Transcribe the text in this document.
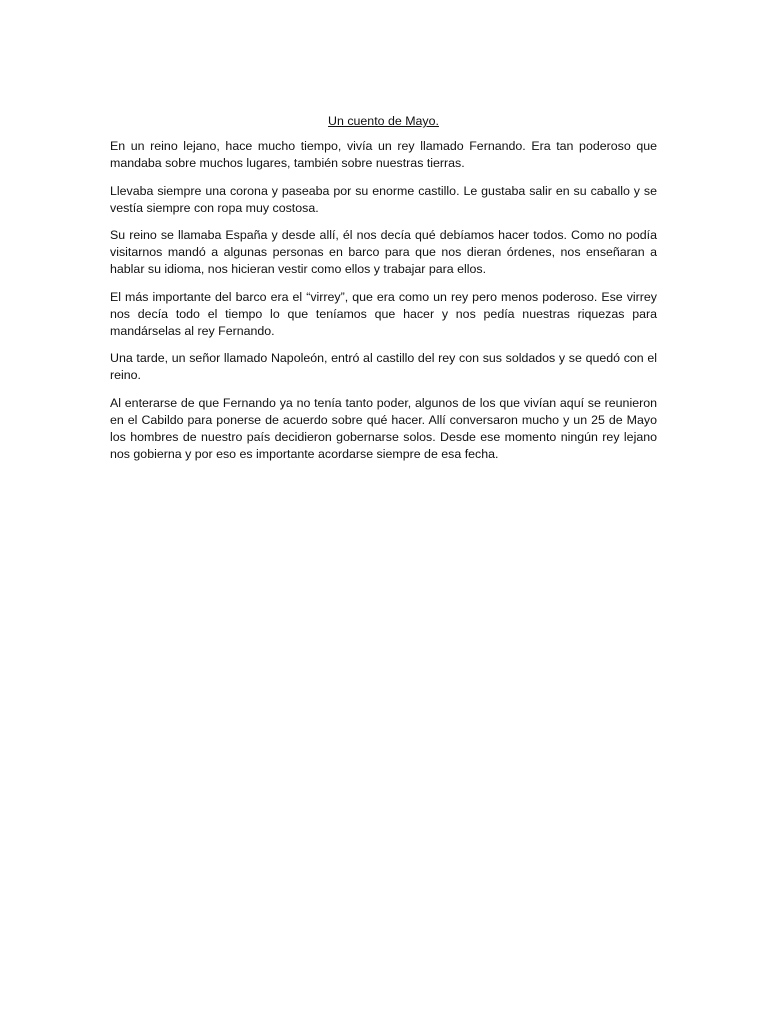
Un cuento de Mayo.

En un reino lejano, hace mucho tiempo, vivía un rey llamado Fernando. Era tan poderoso que mandaba sobre muchos lugares, también sobre nuestras tierras.

Llevaba siempre una corona y paseaba por su enorme castillo. Le gustaba salir en su caballo y se vestía siempre con ropa muy costosa.

Su reino se llamaba España y desde allí, él nos decía qué debíamos hacer todos. Como no podía visitarnos mandó a algunas personas en barco para que nos dieran órdenes, nos enseñaran a hablar su idioma, nos hicieran vestir como ellos y trabajar para ellos.

El más importante del barco era el “virrey”, que era como un rey pero menos poderoso. Ese virrey nos decía todo el tiempo lo que teníamos que hacer y nos pedía nuestras riquezas para mandárselas al rey Fernando.

Una tarde, un señor llamado Napoleón, entró al castillo del rey con sus soldados y se quedó con el reino.

Al enterarse de que Fernando ya no tenía tanto poder, algunos de los que vivían aquí se reunieron en el Cabildo para ponerse de acuerdo sobre qué hacer. Allí conversaron mucho y un 25 de Mayo los hombres de nuestro país decidieron gobernarse solos. Desde ese momento ningún rey lejano nos gobierna y por eso es importante acordarse siempre de esa fecha.
